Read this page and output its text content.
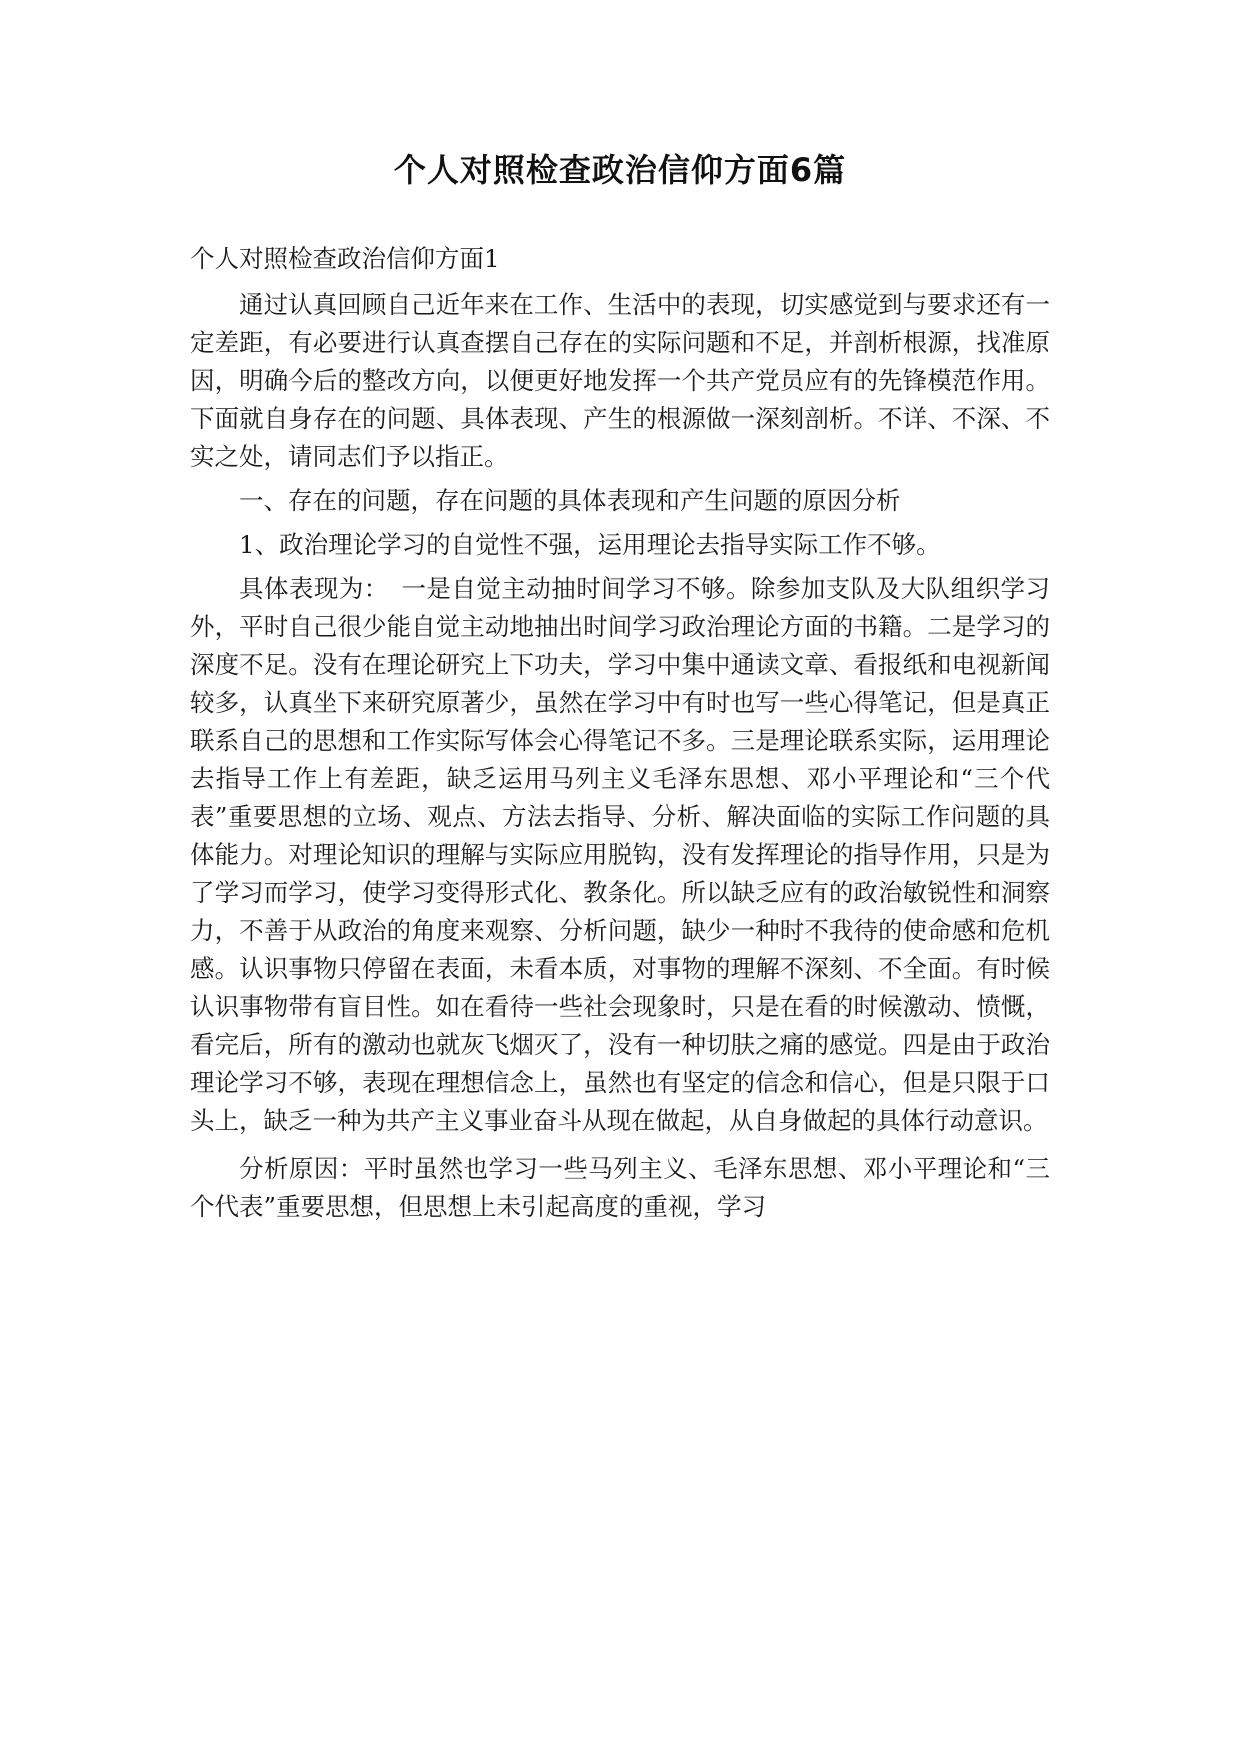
个人对照检查政治信仰方面6篇

个人对照检查政治信仰方面1

通过认真回顾自己近年来在工作、生活中的表现，切实感觉到与要求还有一定差距，有必要进行认真查摆自己存在的实际问题和不足，并剖析根源，找准原因，明确今后的整改方向，以便更好地发挥一个共产党员应有的先锋模范作用。下面就自身存在的问题、具体表现、产生的根源做一深刻剖析。不详、不深、不实之处，请同志们予以指正。

一、存在的问题，存在问题的具体表现和产生问题的原因分析

1、政治理论学习的自觉性不强，运用理论去指导实际工作不够。

具体表现为：　一是自觉主动抽时间学习不够。除参加支队及大队组织学习外，平时自己很少能自觉主动地抽出时间学习政治理论方面的书籍。二是学习的深度不足。没有在理论研究上下功夫，学习中集中通读文章、看报纸和电视新闻较多，认真坐下来研究原著少，虽然在学习中有时也写一些心得笔记，但是真正联系自己的思想和工作实际写体会心得笔记不多。三是理论联系实际，运用理论去指导工作上有差距，缺乏运用马列主义毛泽东思想、邓小平理论和“三个代表”重要思想的立场、观点、方法去指导、分析、解决面临的实际工作问题的具体能力。对理论知识的理解与实际应用脱钩，没有发挥理论的指导作用，只是为了学习而学习，使学习变得形式化、教条化。所以缺乏应有的政治敏锐性和洞察力，不善于从政治的角度来观察、分析问题，缺少一种时不我待的使命感和危机感。认识事物只停留在表面，未看本质，对事物的理解不深刻、不全面。有时候认识事物带有盲目性。如在看待一些社会现象时，只是在看的时候激动、愤慨，看完后，所有的激动也就灰飞烟灭了，没有一种切肤之痛的感觉。四是由于政治理论学习不够，表现在理想信念上，虽然也有坚定的信念和信心，但是只限于口头上，缺乏一种为共产主义事业奋斗从现在做起，从自身做起的具体行动意识。

分析原因：平时虽然也学习一些马列主义、毛泽东思想、邓小平理论和“三个代表”重要思想，但思想上未引起高度的重视，学习
